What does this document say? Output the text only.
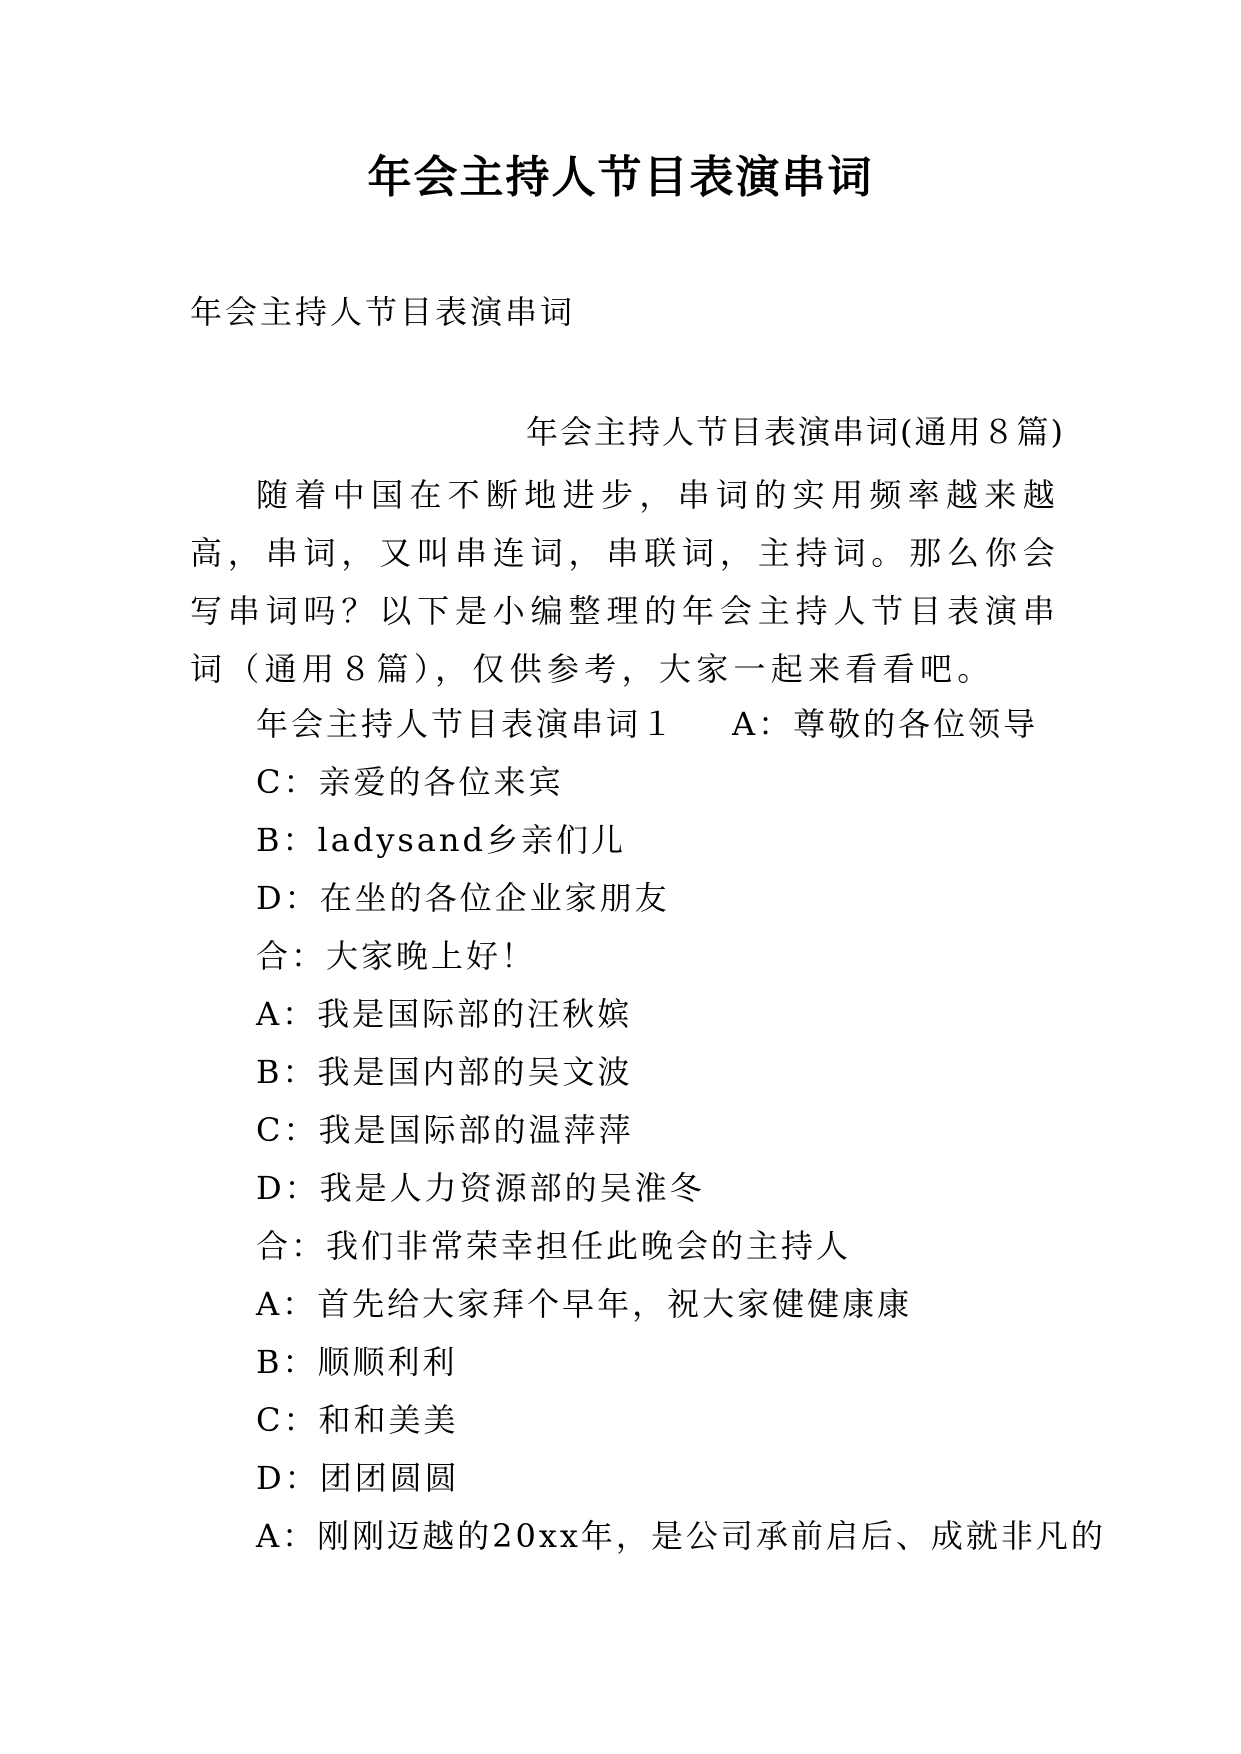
年会主持人节目表演串词
年会主持人节目表演串词
年会主持人节目表演串词(通用８篇)

随着中国在不断地进步，串词的实用频率越来越高，串词，又叫串连词，串联词，主持词。那么你会写串词吗？以下是小编整理的年会主持人节目表演串词（通用８篇），仅供参考，大家一起来看看吧。

年会主持人节目表演串词１ A：尊敬的各位领导
C：亲爱的各位来宾
B：ladysand乡亲们儿
D：在坐的各位企业家朋友
合：大家晚上好！
A：我是国际部的汪秋嫔
B：我是国内部的吴文波
C：我是国际部的温萍萍
D：我是人力资源部的吴淮冬
合：我们非常荣幸担任此晚会的主持人
A：首先给大家拜个早年，祝大家健健康康
B：顺顺利利
C：和和美美
D：团团圆圆
A：刚刚迈越的20xx年，是公司承前启后、成就非凡的
